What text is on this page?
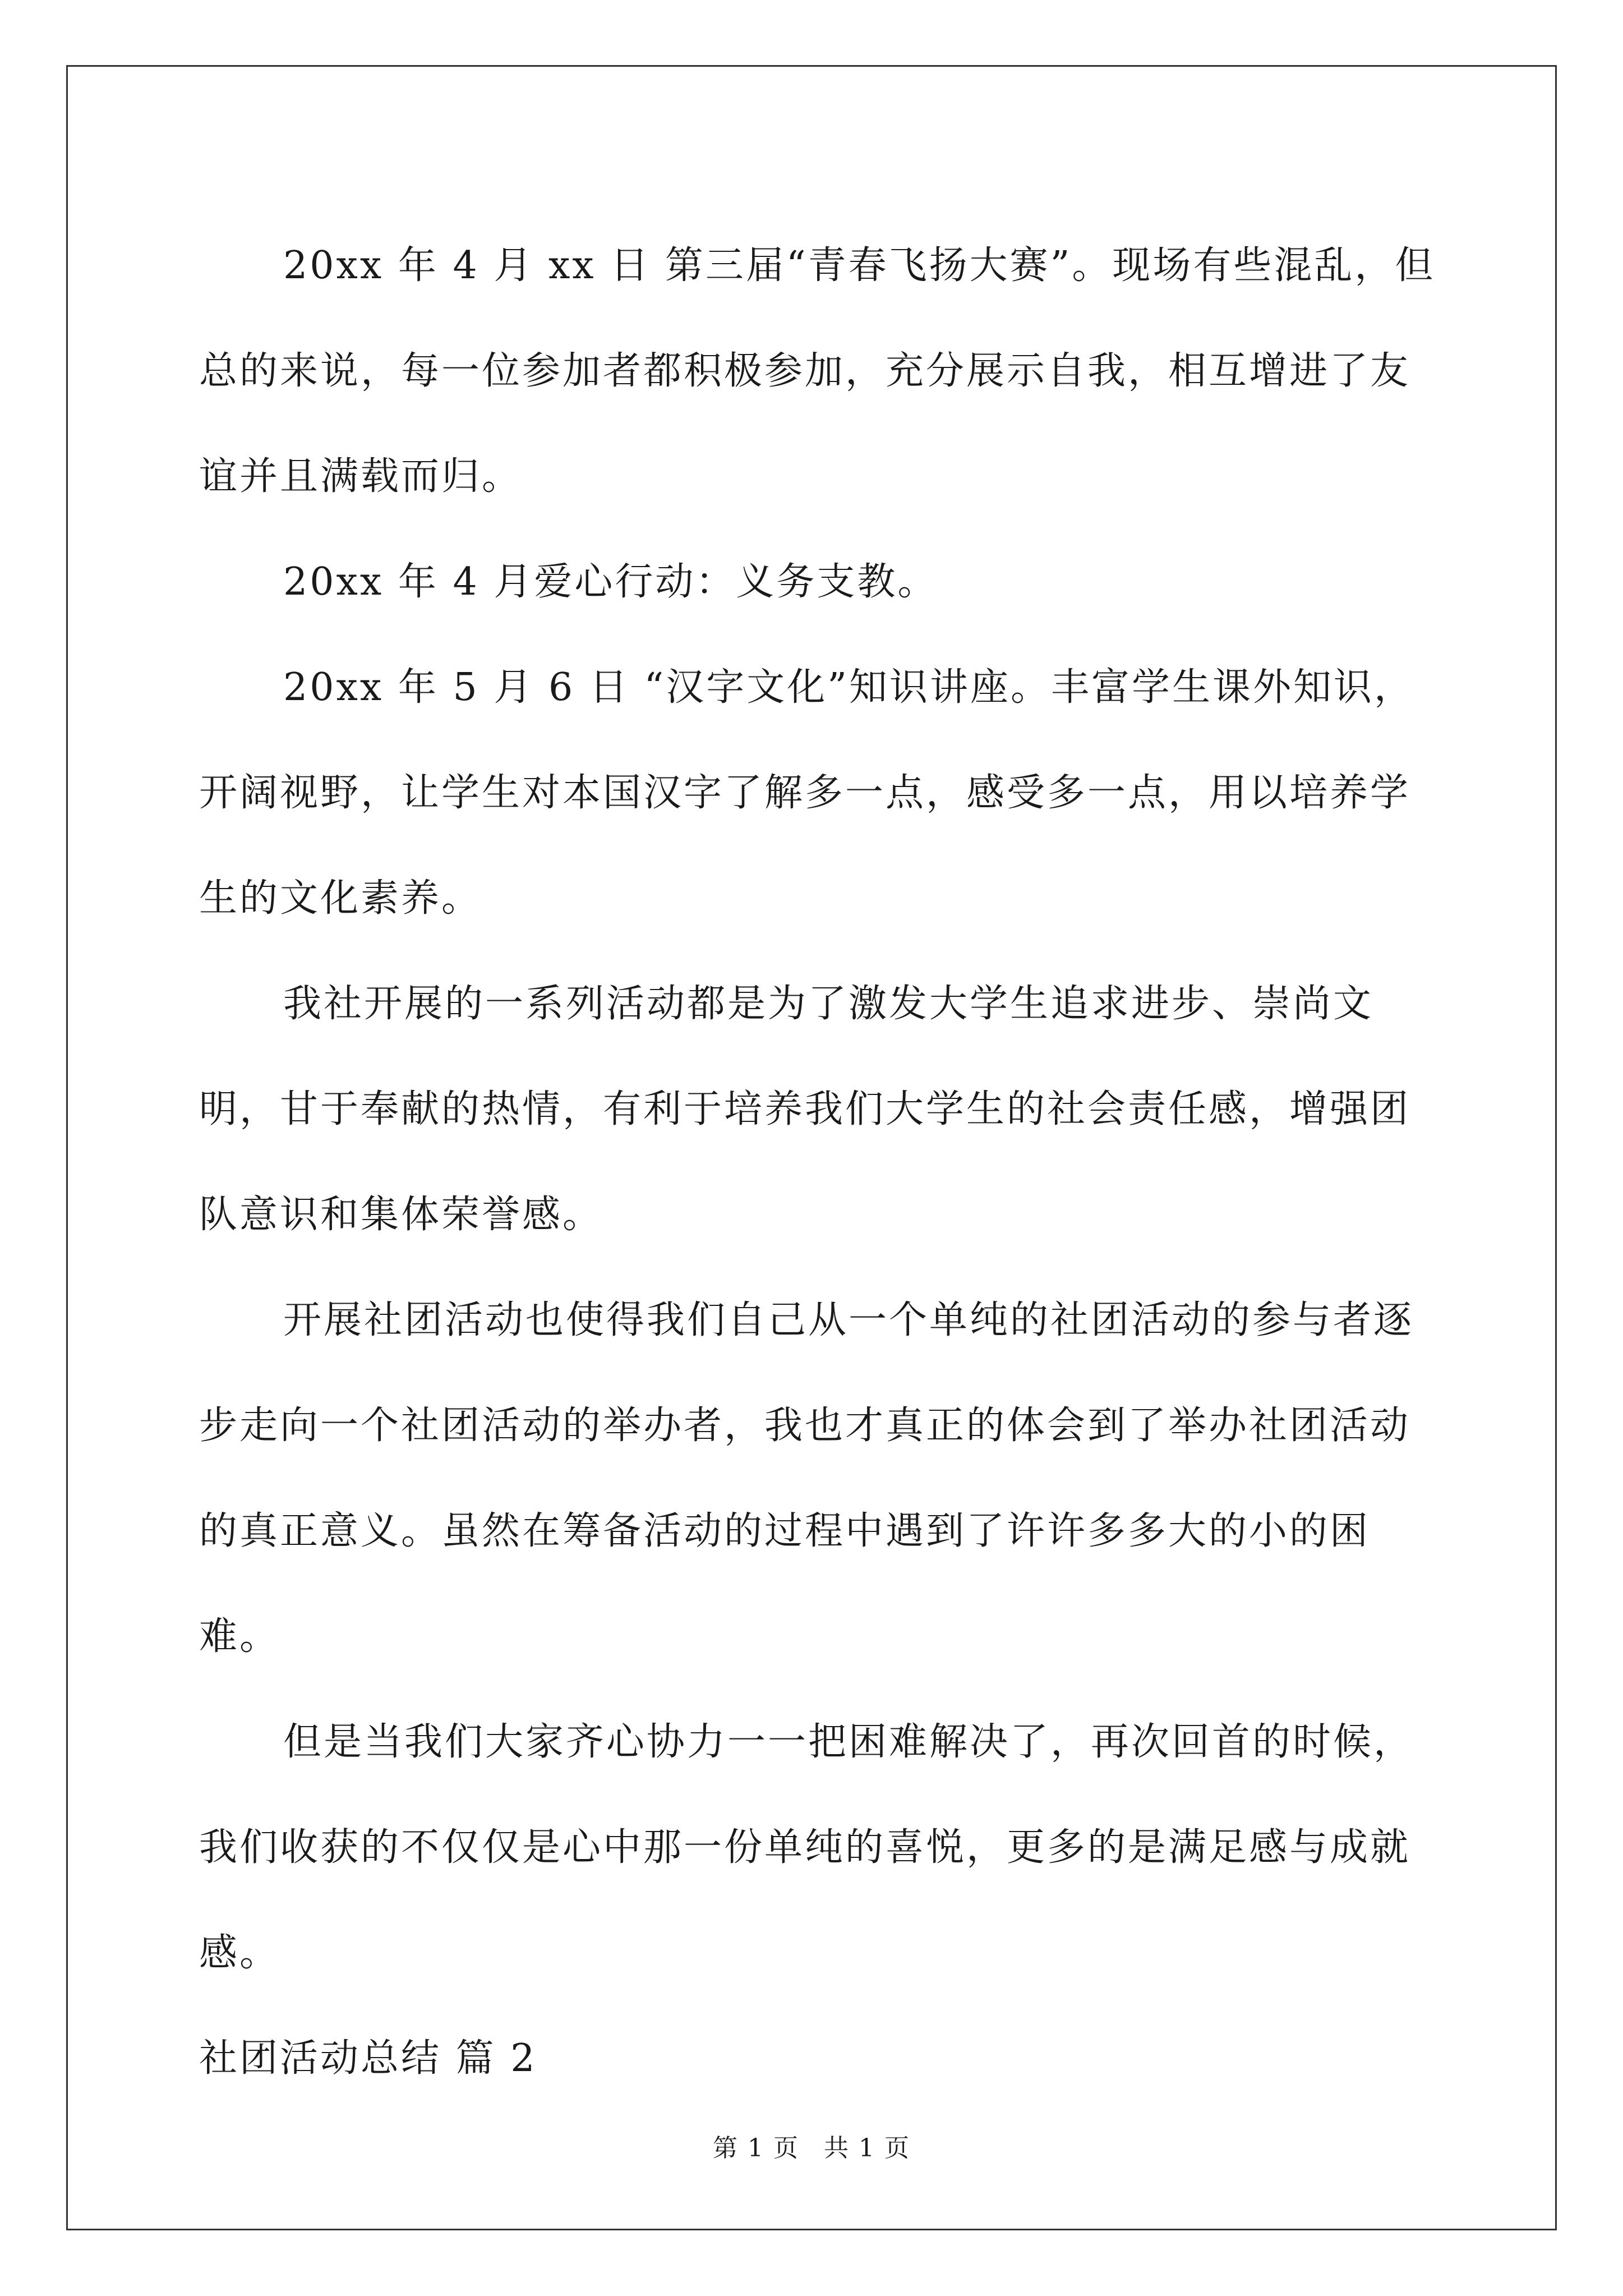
20xx 年 4 月 xx 日 第三届“青春飞扬大赛”。现场有些混乱，但总的来说，每一位参加者都积极参加，充分展示自我，相互增进了友谊并且满载而归。

20xx 年 4 月爱心行动：义务支教。

20xx 年 5 月 6 日 “汉字文化”知识讲座。丰富学生课外知识，开阔视野，让学生对本国汉字了解多一点，感受多一点，用以培养学生的文化素养。

我社开展的一系列活动都是为了激发大学生追求进步、崇尚文明，甘于奉献的热情，有利于培养我们大学生的社会责任感，增强团队意识和集体荣誉感。

开展社团活动也使得我们自己从一个单纯的社团活动的参与者逐步走向一个社团活动的举办者，我也才真正的体会到了举办社团活动的真正意义。虽然在筹备活动的过程中遇到了许许多多大的小的困难。

但是当我们大家齐心协力一一把困难解决了，再次回首的时候，我们收获的不仅仅是心中那一份单纯的喜悦，更多的是满足感与成就感。

社团活动总结 篇 2

第 1 页 共 1 页
